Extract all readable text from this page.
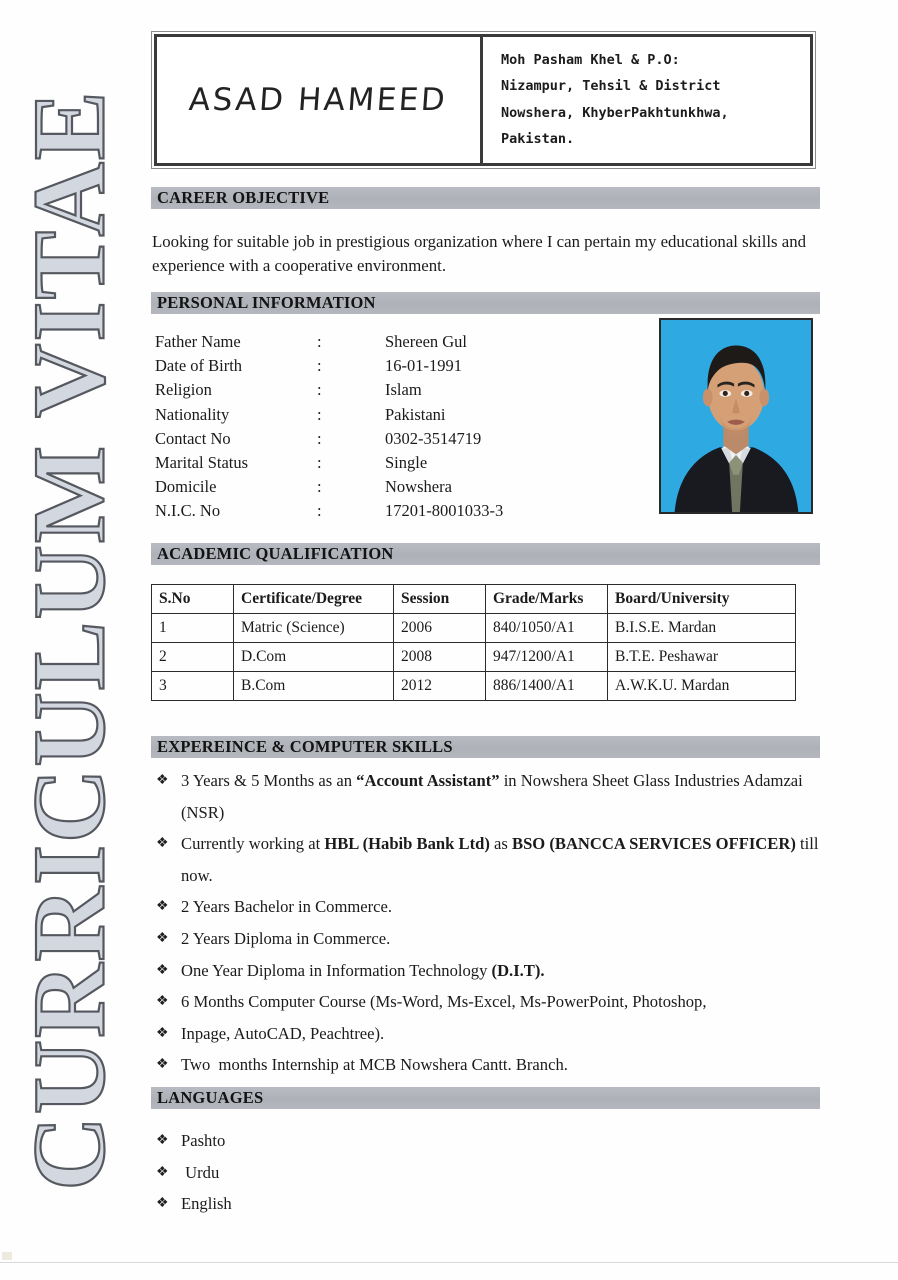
CURRICULUM VITAE ASAD HAMEED
Moh Pasham Khel & P.O:
Nizampur, Tehsil & District
Nowshera, KhyberPakhtunkhwa,
Pakistan.
CAREER OBJECTIVE
Looking for suitable job in prestigious organization where I can pertain my educational skills and experience with a cooperative environment.
PERSONAL INFORMATION
Father Name	:	Shereen Gul
Date of Birth	:	16-01-1991
Religion	:	Islam
Nationality	:	Pakistani
Contact No	:	0302-3514719
Marital Status	:	Single
Domicile	:	Nowshera
N.I.C. No	:	17201-8001033-3
ACADEMIC QUALIFICATION
S.No	Certificate/Degree	Session	Grade/Marks	Board/University
1	Matric (Science)	2006	840/1050/A1	B.I.S.E. Mardan
2	D.Com	2008	947/1200/A1	B.T.E. Peshawar
3	B.Com	2012	886/1400/A1	A.W.K.U. Mardan
EXPEREINCE & COMPUTER SKILLS
❖ 3 Years & 5 Months as an “Account Assistant” in Nowshera Sheet Glass Industries Adamzai (NSR)
❖ Currently working at HBL (Habib Bank Ltd) as BSO (BANCCA SERVICES OFFICER) till now.
❖ 2 Years Bachelor in Commerce.
❖ 2 Years Diploma in Commerce.
❖ One Year Diploma in Information Technology (D.I.T).
❖ 6 Months Computer Course (Ms-Word, Ms-Excel, Ms-PowerPoint, Photoshop,
❖ Inpage, AutoCAD, Peachtree).
❖ Two  months Internship at MCB Nowshera Cantt. Branch.
LANGUAGES
❖ Pashto
❖ Urdu
❖ English
